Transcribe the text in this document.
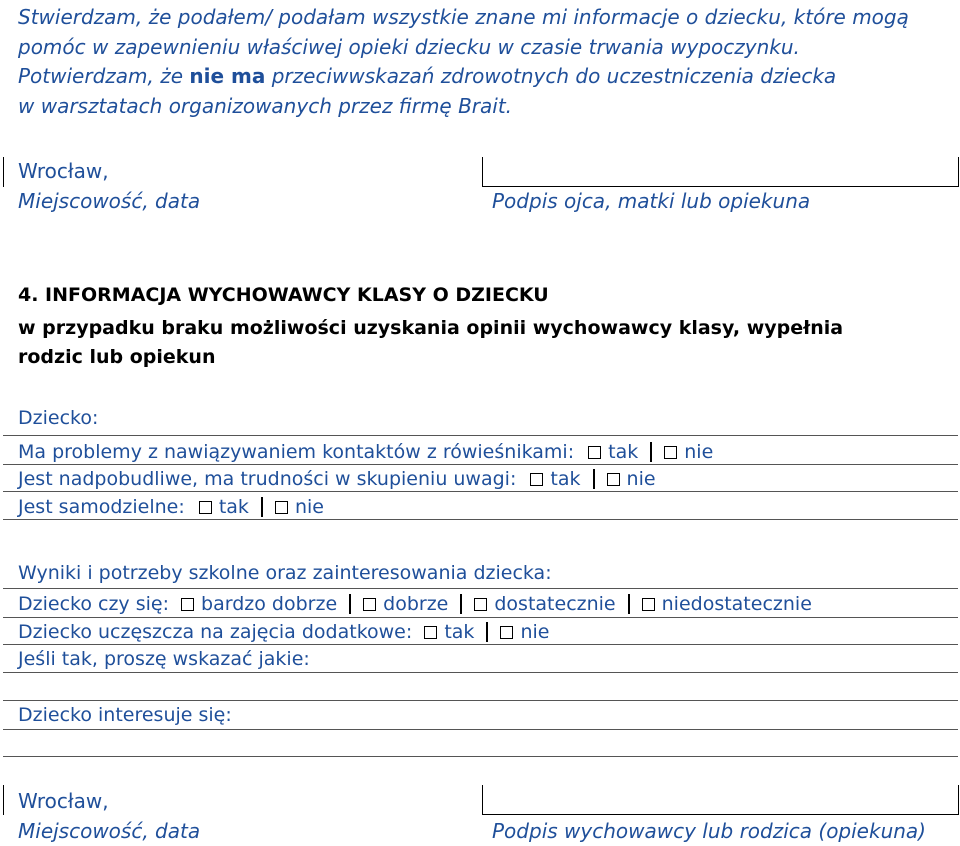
Stwierdzam, że podałem/ podałam wszystkie znane mi informacje o dziecku, które mogą
pomóc w zapewnieniu właściwej opieki dziecku w czasie trwania wypoczynku.
Potwierdzam, że nie ma przeciwwskazań zdrowotnych do uczestniczenia dziecka
w warsztatach organizowanych przez firmę Brait.
Wrocław,
Miejscowość, data	Podpis ojca, matki lub opiekuna
4. INFORMACJA WYCHOWAWCY KLASY O DZIECKU
w przypadku braku możliwości uzyskania opinii wychowawcy klasy, wypełnia
rodzic lub opiekun
Dziecko:
Ma problemy z nawiązywaniem kontaktów z rówieśnikami: tak nie
Jest nadpobudliwe, ma trudności w skupieniu uwagi: tak nie
Jest samodzielne: tak nie
Wyniki i potrzeby szkolne oraz zainteresowania dziecka:
Dziecko czy się: bardzo dobrze dobrze dostatecznie niedostatecznie
Dziecko uczęszcza na zajęcia dodatkowe: tak nie
Jeśli tak, proszę wskazać jakie:
Dziecko interesuje się:
Wrocław,
Miejscowość, data	Podpis wychowawcy lub rodzica (opiekuna)
